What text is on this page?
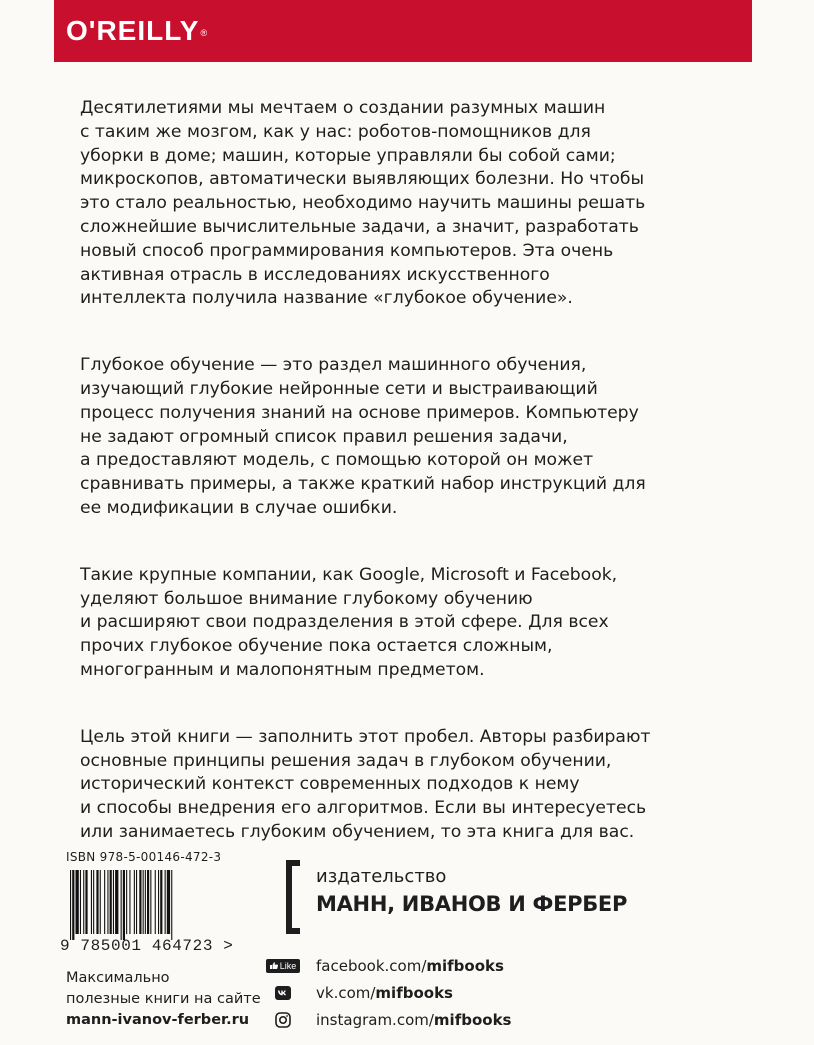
O'REILLY®
Десятилетиями мы мечтаем о создании разумных машин
с таким же мозгом, как у нас: роботов-помощников для
уборки в доме; машин, которые управляли бы собой сами;
микроскопов, автоматически выявляющих болезни. Но чтобы
это стало реальностью, необходимо научить машины решать
сложнейшие вычислительные задачи, а значит, разработать
новый способ программирования компьютеров. Эта очень
активная отрасль в исследованиях искусственного
интеллекта получила название «глубокое обучение».
Глубокое обучение — это раздел машинного обучения,
изучающий глубокие нейронные сети и выстраивающий
процесс получения знаний на основе примеров. Компьютеру
не задают огромный список правил решения задачи,
а предоставляют модель, с помощью которой он может
сравнивать примеры, а также краткий набор инструкций для
ее модификации в случае ошибки.
Такие крупные компании, как Google, Microsoft и Facebook,
уделяют большое внимание глубокому обучению
и расширяют свои подразделения в этой сфере. Для всех
прочих глубокое обучение пока остается сложным,
многогранным и малопонятным предметом.
Цель этой книги — заполнить этот пробел. Авторы разбирают
основные принципы решения задач в глубоком обучении,
исторический контекст современных подходов к нему
и способы внедрения его алгоритмов. Если вы интересуетесь
или занимаетесь глубоким обучением, то эта книга для вас.
ISBN 978-5-00146-472-3
9 785001 464723 >
Максимально
полезные книги на сайте
mann-ivanov-ferber.ru
издательство
МАНН, ИВАНОВ И ФЕРБЕР
Like facebook.com/mifbooks
vk.com/mifbooks
instagram.com/mifbooks
